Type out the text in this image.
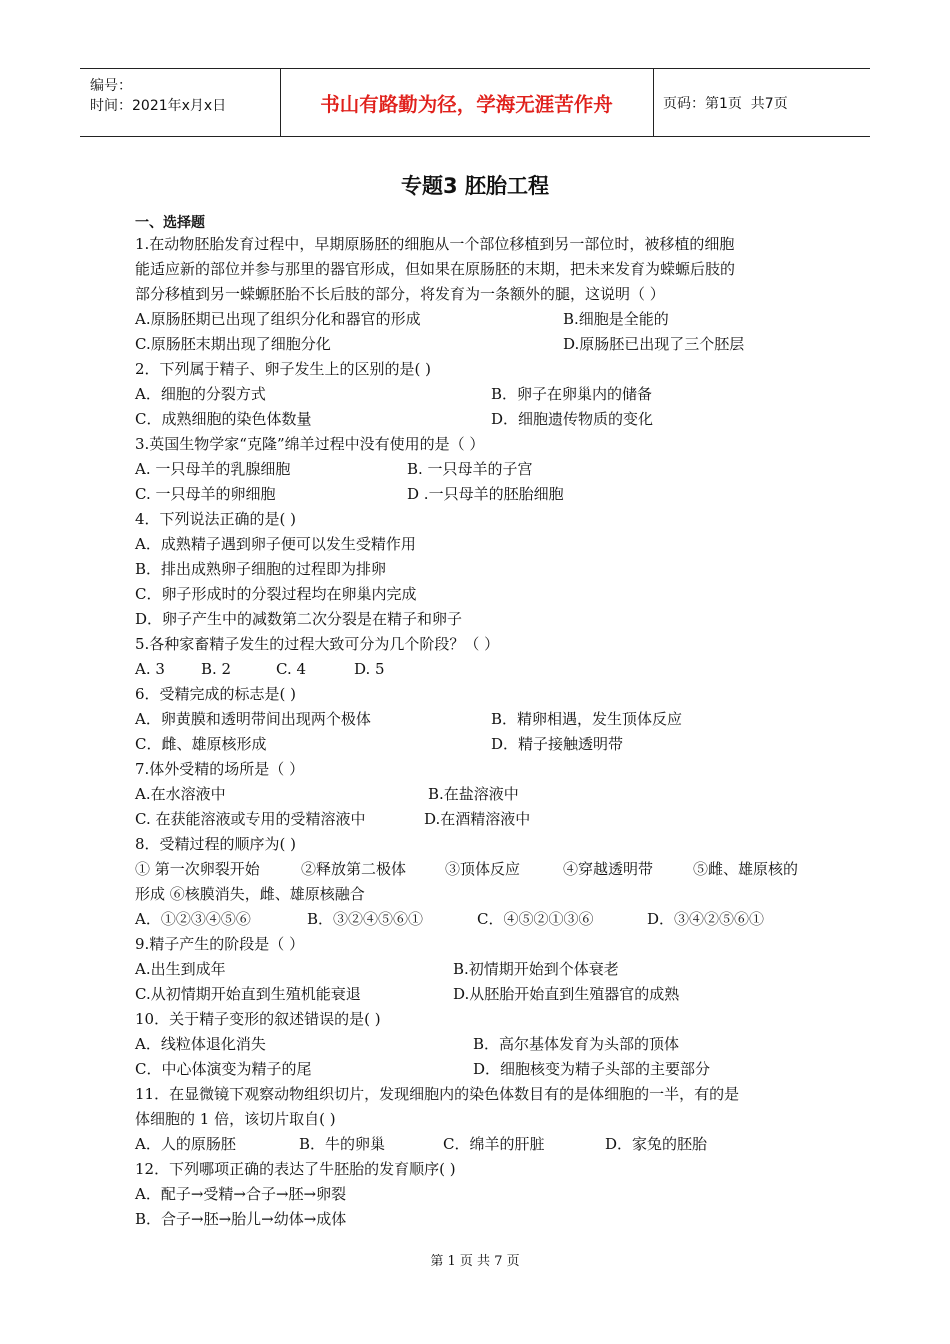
编号：
时间：2021年x月x日	书山有路勤为径，学海无涯苦作舟	页码：第1页  共7页
专题3 胚胎工程
一、选择题
1.在动物胚胎发育过程中，早期原肠胚的细胞从一个部位移植到另一部位时，被移植的细胞
能适应新的部位并参与那里的器官形成，但如果在原肠胚的末期，把未来发育为蝾螈后肢的
部分移植到另一蝾螈胚胎不长后肢的部分，将发育为一条额外的腿，这说明（ ）
A.原肠胚期已出现了组织分化和器官的形成	B.细胞是全能的
C.原肠胚末期出现了细胞分化	D.原肠胚已出现了三个胚层
2．下列属于精子、卵子发生上的区别的是( )
A．细胞的分裂方式	B．卵子在卵巢内的储备
C．成熟细胞的染色体数量	D．细胞遗传物质的变化
3.英国生物学家“克隆”绵羊过程中没有使用的是（ ）
A. 一只母羊的乳腺细胞	B. 一只母羊的子宫
C. 一只母羊的卵细胞	D .一只母羊的胚胎细胞
4．下列说法正确的是( )
A．成熟精子遇到卵子便可以发生受精作用
B．排出成熟卵子细胞的过程即为排卵
C．卵子形成时的分裂过程均在卵巢内完成
D．卵子产生中的减数第二次分裂是在精子和卵子
5.各种家畜精子发生的过程大致可分为几个阶段？（ ）
A. 3 B. 2	C. 4	D. 5
6．受精完成的标志是( )
A．卵黄膜和透明带间出现两个极体	B．精卵相遇，发生顶体反应
C．雌、雄原核形成	D．精子接触透明带
7.体外受精的场所是（ ）
A.在水溶液中	B.在盐溶液中
C. 在获能溶液或专用的受精溶液中	D.在酒精溶液中
8．受精过程的顺序为( )
① 第一次卵裂开始	②释放第二极体	③顶体反应	④穿越透明带	⑤雌、雄原核的
形成 ⑥核膜消失，雌、雄原核融合
A．①②③④⑤⑥	B．③②④⑤⑥①	C．④⑤②①③⑥	D．③④②⑤⑥①
9.精子产生的阶段是（ ）
A.出生到成年	B.初情期开始到个体衰老
C.从初情期开始直到生殖机能衰退	D.从胚胎开始直到生殖器官的成熟
10．关于精子变形的叙述错误的是( )
A．线粒体退化消失	B．高尔基体发育为头部的顶体
C．中心体演变为精子的尾	D．细胞核变为精子头部的主要部分
11．在显微镜下观察动物组织切片，发现细胞内的染色体数目有的是体细胞的一半，有的是
体细胞的 1 倍，该切片取自( )
A．人的原肠胚	B．牛的卵巢	C．绵羊的肝脏	D．家兔的胚胎
12．下列哪项正确的表达了牛胚胎的发育顺序( )
A．配子→受精→合子→胚→卵裂
B．合子→胚→胎儿→幼体→成体
第 1 页 共 7 页
